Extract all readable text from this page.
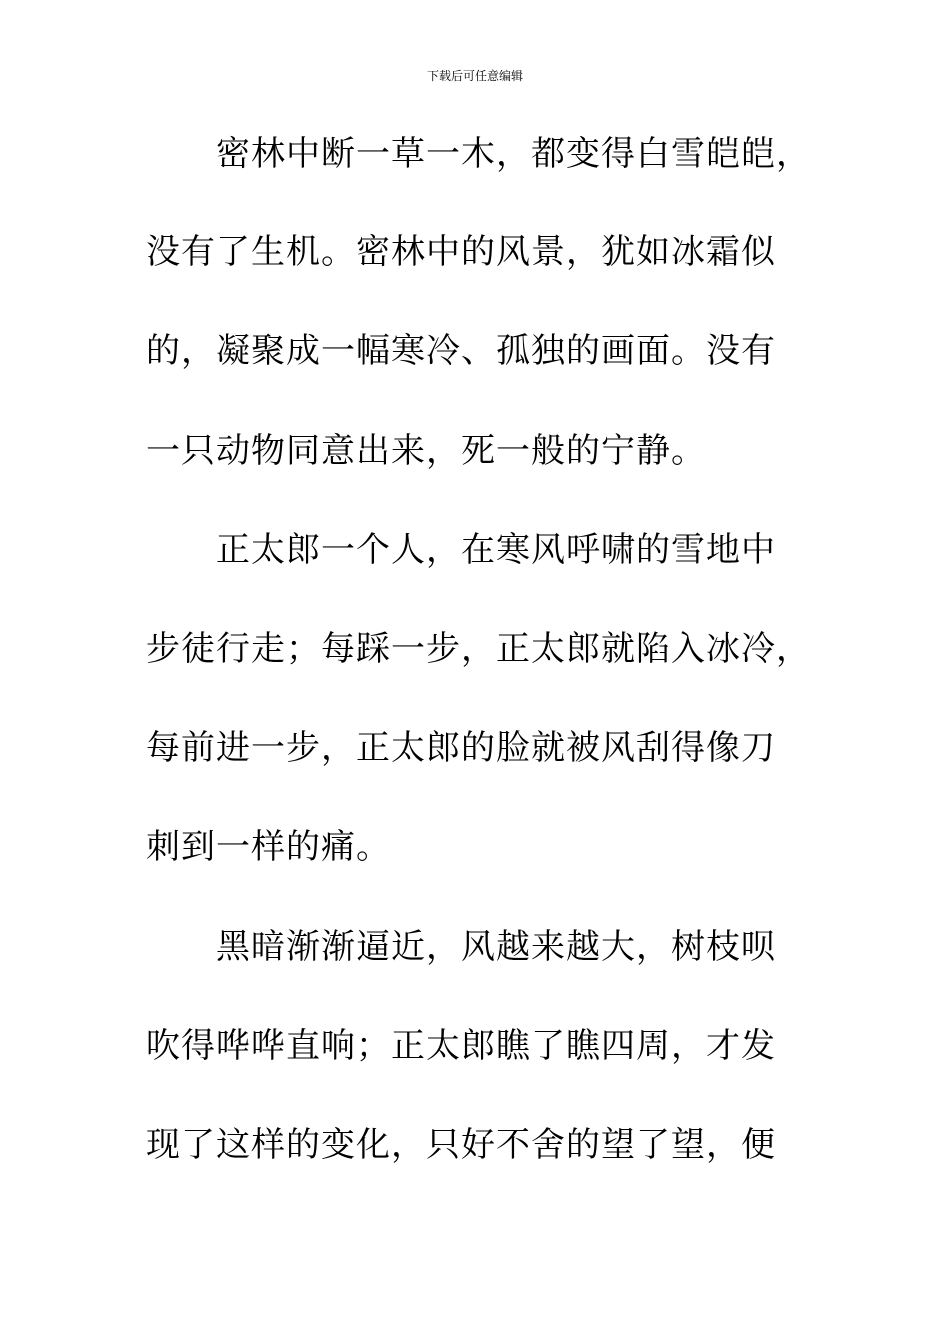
下载后可任意编辑
密林中断一草一木，都变得白雪皑皑，
没有了生机。密林中的风景，犹如冰霜似
的，凝聚成一幅寒冷、孤独的画面。没有
一只动物同意出来，死一般的宁静。
正太郎一个人，在寒风呼啸的雪地中
步徒行走；每踩一步，正太郎就陷入冰冷，
每前进一步，正太郎的脸就被风刮得像刀
刺到一样的痛。
黑暗渐渐逼近，风越来越大，树枝呗
吹得哗哗直响；正太郎瞧了瞧四周，才发
现了这样的变化，只好不舍的望了望，便
